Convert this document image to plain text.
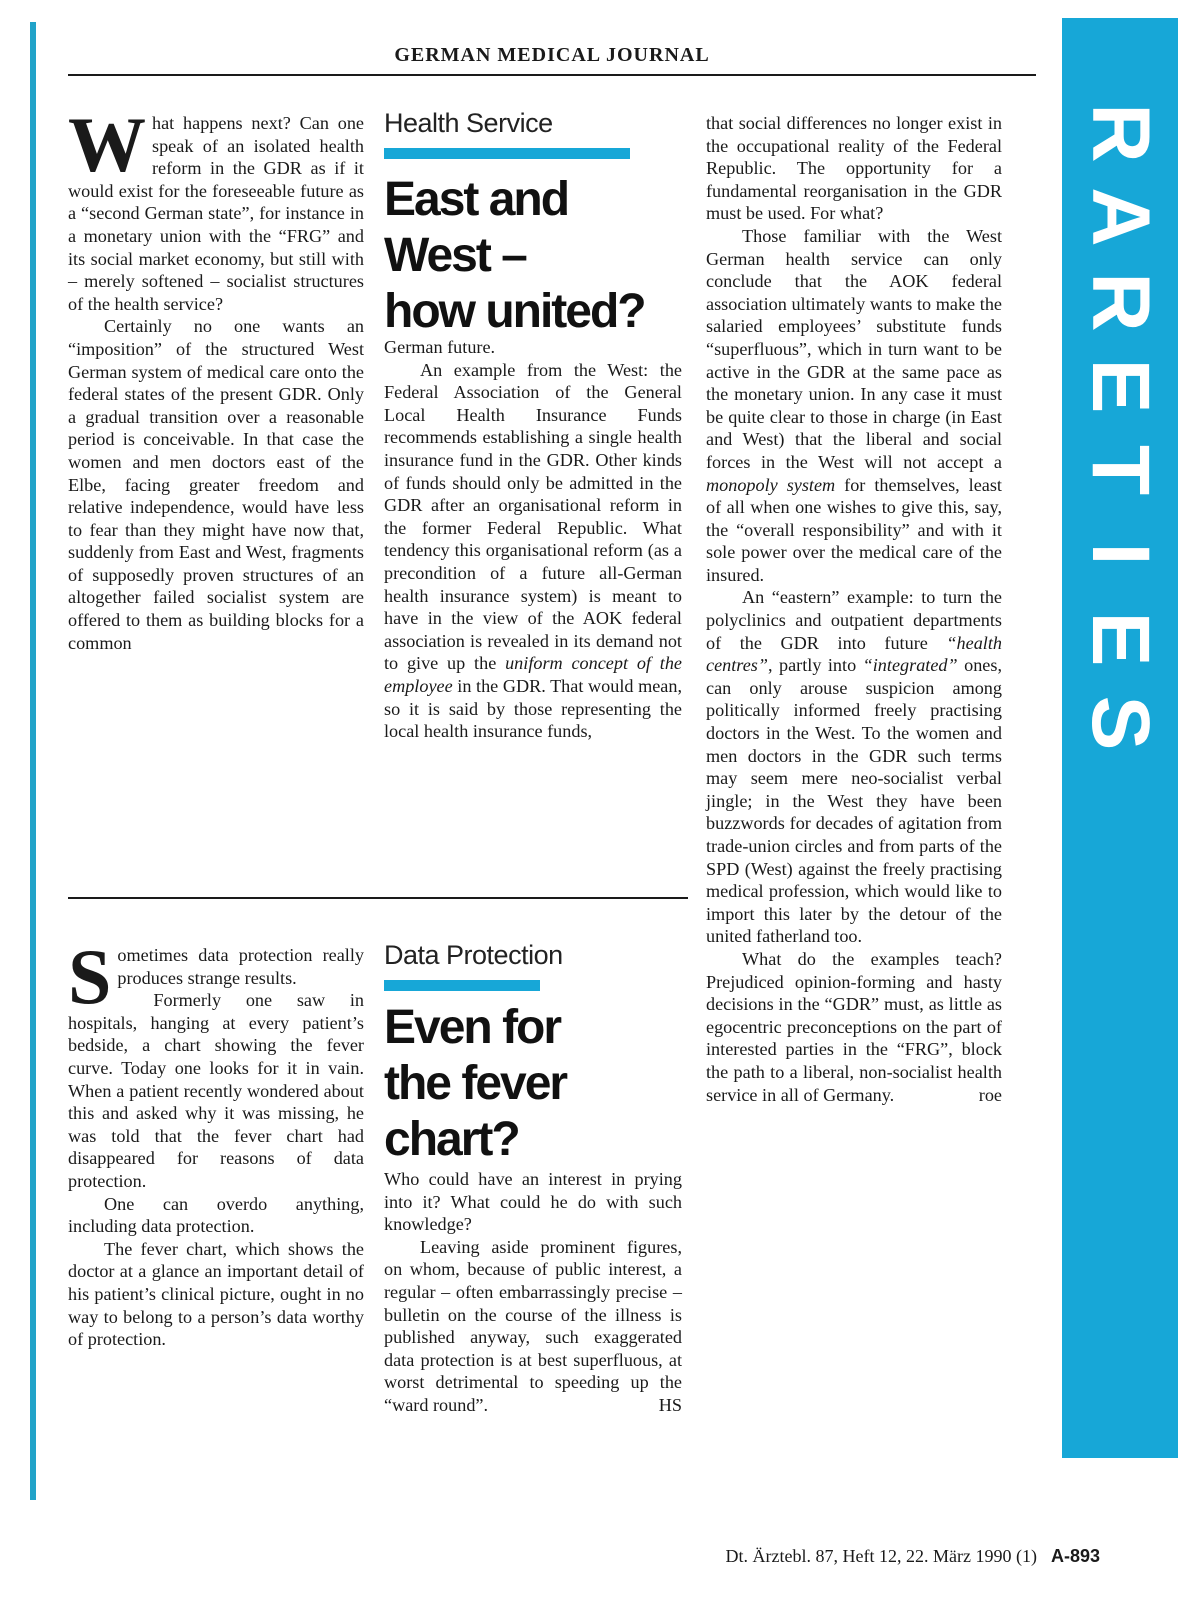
R
A
R
E
T
I
E
S
GERMAN MEDICAL JOURNAL

What happens next? Can one speak of an isolated health reform in the GDR as if it would exist for the foreseeable future as a “second German state”, for instance in a monetary union with the “FRG” and its social market economy, but still with – merely softened – socialist structures of the health service?

Certainly no one wants an “imposition” of the structured West German system of medical care onto the federal states of the present GDR. Only a gradual transition over a reasonable period is conceivable. In that case the women and men doctors east of the Elbe, facing greater freedom and relative independence, would have less to fear than they might have now that, suddenly from East and West, fragments of supposedly proven structures of an altogether failed socialist system are offered to them as building blocks for a common

Health Service
East and West –
how united?

German future.

An example from the West: the Federal Association of the General Local Health Insurance Funds recommends establishing a single health insurance fund in the GDR. Other kinds of funds should only be admitted in the GDR after an organisational reform in the former Federal Republic. What tendency this organisational reform (as a precondition of a future all-German health insurance system) is meant to have in the view of the AOK federal association is revealed in its demand not to give up the uniform concept of the employee in the GDR. That would mean, so it is said by those representing the local health insurance funds,

that social differences no longer exist in the occupational reality of the Federal Republic. The opportunity for a fundamental reorganisation in the GDR must be used. For what?

Those familiar with the West German health service can only conclude that the AOK federal association ultimately wants to make the salaried employees’ substitute funds “superfluous”, which in turn want to be active in the GDR at the same pace as the monetary union. In any case it must be quite clear to those in charge (in East and West) that the liberal and social forces in the West will not accept a monopoly system for themselves, least of all when one wishes to give this, say, the “overall responsibility” and with it sole power over the medical care of the insured.

An “eastern” example: to turn the polyclinics and outpatient departments of the GDR into future “health centres”, partly into “integrated” ones, can only arouse suspicion among politically informed freely practising doctors in the West. To the women and men doctors in the GDR such terms may seem mere neo-socialist verbal jingle; in the West they have been buzzwords for decades of agitation from trade-union circles and from parts of the SPD (West) against the freely practising medical profession, which would like to import this later by the detour of the united fatherland too.

What do the examples teach? Prejudiced opinion-forming and hasty decisions in the “GDR” must, as little as egocentric preconceptions on the part of interested parties in the “FRG”, block the path to a liberal, non-socialist health service in all of Germany.	roe

Sometimes data protection really produces strange results.

Formerly one saw in hospitals, hanging at every patient’s bedside, a chart showing the fever curve. Today one looks for it in vain. When a patient recently wondered about this and asked why it was missing, he was told that the fever chart had disappeared for reasons of data protection.

One can overdo anything, including data protection.

The fever chart, which shows the doctor at a glance an important detail of his patient’s clinical picture, ought in no way to belong to a person’s data worthy of protection.

Data Protection
Even for
the fever chart?

Who could have an interest in prying into it? What could he do with such knowledge?

Leaving aside prominent figures, on whom, because of public interest, a regular – often embarrassingly precise – bulletin on the course of the illness is published anyway, such exaggerated data protection is at best superfluous, at worst detrimental to speeding up the “ward round”.	HS

Dt. Ärztebl. 87, Heft 12, 22. März 1990 (1) A-893
